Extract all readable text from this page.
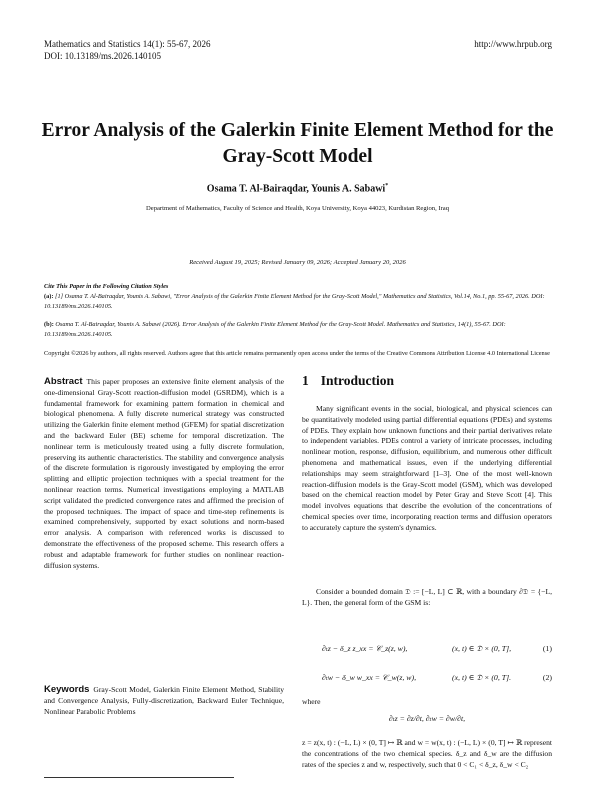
Mathematics and Statistics 14(1): 55-67, 2026
DOI: 10.13189/ms.2026.140105
http://www.hrpub.org
Error Analysis of the Galerkin Finite Element Method for the Gray-Scott Model
Osama T. Al-Bairaqdar, Younis A. Sabawi*
Department of Mathematics, Faculty of Science and Health, Koya University, Koya 44023, Kurdistan Region, Iraq
Received August 19, 2025; Revised January 09, 2026; Accepted January 20, 2026
Cite This Paper in the Following Citation Styles
(a): [1] Osama T. Al-Bairaqdar, Younis A. Sabawi, "Error Analysis of the Galerkin Finite Element Method for the Gray-Scott Model," Mathematics and Statistics, Vol.14, No.1, pp. 55-67, 2026. DOI: 10.13189/ms.2026.140105.
(b): Osama T. Al-Bairaqdar, Younis A. Sabawi (2026). Error Analysis of the Galerkin Finite Element Method for the Gray-Scott Model. Mathematics and Statistics, 14(1), 55-67. DOI: 10.13189/ms.2026.140105.
Copyright ©2026 by authors, all rights reserved. Authors agree that this article remains permanently open access under the terms of the Creative Commons Attribution License 4.0 International License
Abstract This paper proposes an extensive finite element analysis of the one-dimensional Gray-Scott reaction-diffusion model (GSRDM), which is a fundamental framework for examining pattern formation in chemical and biological phenomena. A fully discrete numerical strategy was constructed utilizing the Galerkin finite element method (GFEM) for spatial discretization and the backward Euler (BE) scheme for temporal discretization. The nonlinear term is meticulously treated using a fully discrete formulation, preserving its authentic characteristics. The stability and convergence analysis of the discrete formulation is rigorously investigated by employing the error splitting and elliptic projection techniques with a special treatment for the nonlinear reaction terms. Numerical investigations employing a MATLAB script validated the predicted convergence rates and affirmed the precision of the proposed techniques. The impact of space and time-step refinements is examined comprehensively, supported by exact solutions and norm-based error analysis. A comparison with referenced works is discussed to demonstrate the effectiveness of the proposed scheme. This research offers a robust and adaptable framework for further studies on nonlinear reaction-diffusion systems.
Keywords Gray-Scott Model, Galerkin Finite Element Method, Stability and Convergence Analysis, Fully-discretization, Backward Euler Technique, Nonlinear Parabolic Problems
1 Introduction
Many significant events in the social, biological, and physical sciences can be quantitatively modeled using partial differential equations (PDEs) and systems of PDEs. They explain how unknown functions and their partial derivatives relate to independent variables. PDEs control a variety of intricate processes, including nonlinear motion, response, diffusion, equilibrium, and numerous other difficult phenomena and mathematical issues, even if the underlying differential relationships may seem straightforward [1–3]. One of the most well-known reaction-diffusion models is the Gray-Scott model (GSM), which was developed based on the chemical reaction model by Peter Gray and Steve Scott [4]. This model involves equations that describe the evolution of the concentrations of chemical species over time, incorporating reaction terms and diffusion operators to accurately capture the system's dynamics.
Consider a bounded domain 𝔇 := [−L, L] ⊂ ℝ, with a boundary ∂𝔇 = {−L, L}. Then, the general form of the GSM is:
∂ₜz − δ_z z_xx = 𝒞_z(z, w),	(x, t) ∈ 𝔇 × (0, T],	(1)
∂ₜw − δ_w w_xx = 𝒞_w(z, w),	(x, t) ∈ 𝔇 × (0, T].	(2)
where
∂ₜz = ∂z/∂t, ∂ₜw = ∂w/∂t,
z = z(x, t) : (−L, L) × (0, T] ↦ ℝ and w = w(x, t) : (−L, L) × (0, T] ↦ ℝ represent the concentrations of the two chemical species. δ_z and δ_w are the diffusion rates of the species z and w, respectively, such that 0 < C₁ < δ_z, δ_w < C₂
